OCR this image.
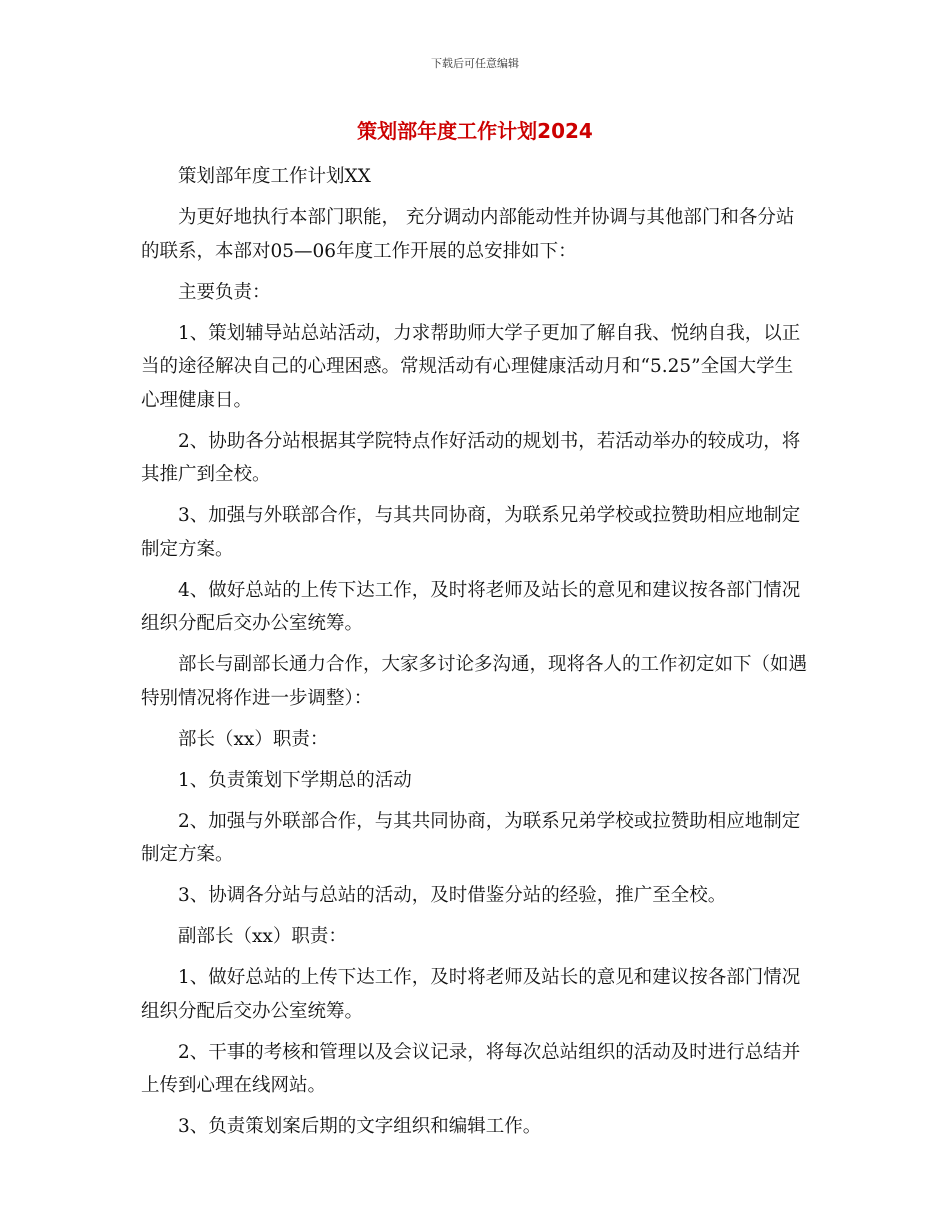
下载后可任意编辑
策划部年度工作计划2024

策划部年度工作计划XX

为更好地执行本部门职能， 充分调动内部能动性并协调与其他部门和各分站的联系，本部对05—06年度工作开展的总安排如下：

主要负责：

1、策划辅导站总站活动，力求帮助师大学子更加了解自我、悦纳自我，以正当的途径解决自己的心理困惑。常规活动有心理健康活动月和“5.25”全国大学生心理健康日。

2、协助各分站根据其学院特点作好活动的规划书，若活动举办的较成功，将其推广到全校。

3、加强与外联部合作，与其共同协商，为联系兄弟学校或拉赞助相应地制定制定方案。

4、做好总站的上传下达工作，及时将老师及站长的意见和建议按各部门情况组织分配后交办公室统筹。

部长与副部长通力合作，大家多讨论多沟通，现将各人的工作初定如下（如遇特别情况将作进一步调整）：

部长（xx）职责：

1、负责策划下学期总的活动

2、加强与外联部合作，与其共同协商，为联系兄弟学校或拉赞助相应地制定制定方案。

3、协调各分站与总站的活动，及时借鉴分站的经验，推广至全校。

副部长（xx）职责：

1、做好总站的上传下达工作，及时将老师及站长的意见和建议按各部门情况组织分配后交办公室统筹。

2、干事的考核和管理以及会议记录，将每次总站组织的活动及时进行总结并上传到心理在线网站。

3、负责策划案后期的文字组织和编辑工作。
